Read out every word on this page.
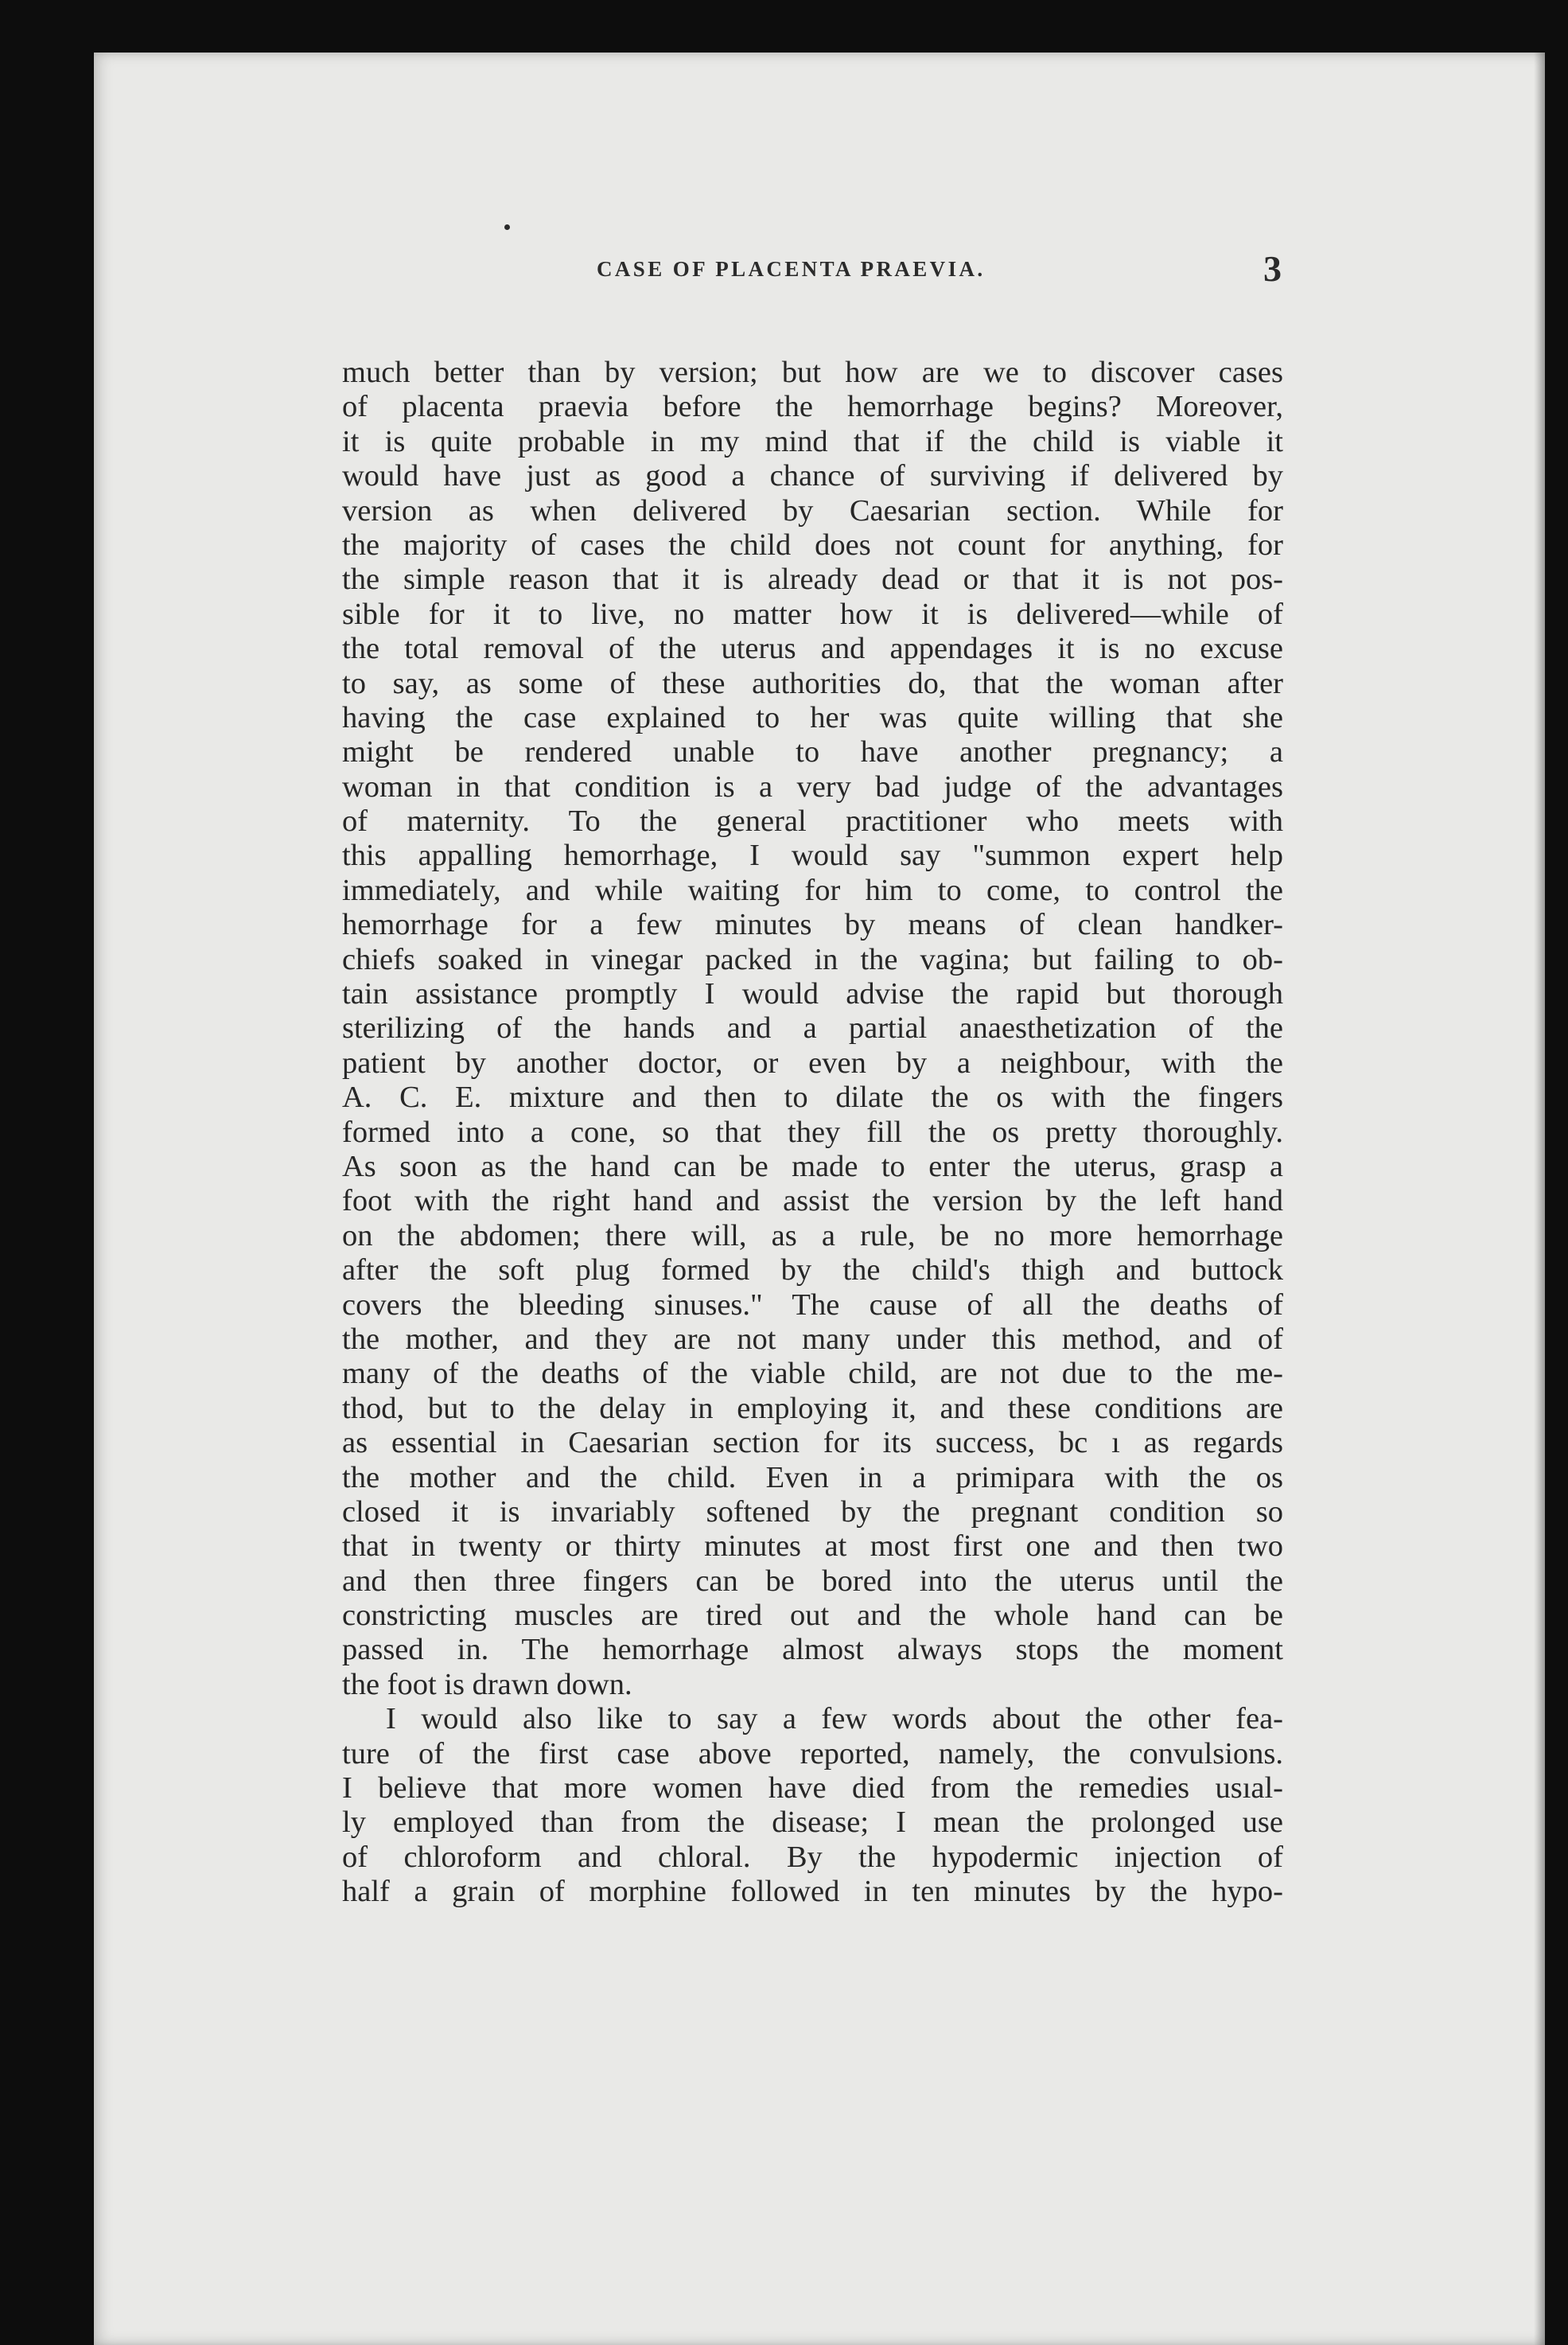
CASE OF PLACENTA PRAEVIA.	3
much better than by version; but how are we to discover cases
of placenta praevia before the hemorrhage begins? Moreover,
it is quite probable in my mind that if the child is viable it
would have just as good a chance of surviving if delivered by
version as when delivered by Caesarian section. While for
the majority of cases the child does not count for anything, for
the simple reason that it is already dead or that it is not pos-
sible for it to live, no matter how it is delivered—while of
the total removal of the uterus and appendages it is no excuse
to say, as some of these authorities do, that the woman after
having the case explained to her was quite willing that she
might be rendered unable to have another pregnancy; a
woman in that condition is a very bad judge of the advantages
of maternity. To the general practitioner who meets with
this appalling hemorrhage, I would say "summon expert help
immediately, and while waiting for him to come, to control the
hemorrhage for a few minutes by means of clean handker-
chiefs soaked in vinegar packed in the vagina; but failing to ob-
tain assistance promptly I would advise the rapid but thorough
sterilizing of the hands and a partial anaesthetization of the
patient by another doctor, or even by a neighbour, with the
A. C. E. mixture and then to dilate the os with the fingers
formed into a cone, so that they fill the os pretty thoroughly.
As soon as the hand can be made to enter the uterus, grasp a
foot with the right hand and assist the version by the left hand
on the abdomen; there will, as a rule, be no more hemorrhage
after the soft plug formed by the child's thigh and buttock
covers the bleeding sinuses." The cause of all the deaths of
the mother, and they are not many under this method, and of
many of the deaths of the viable child, are not due to the me-
thod, but to the delay in employing it, and these conditions are
as essential in Caesarian section for its success, bc ı as regards
the mother and the child. Even in a primipara with the os
closed it is invariably softened by the pregnant condition so
that in twenty or thirty minutes at most first one and then two
and then three fingers can be bored into the uterus until the
constricting muscles are tired out and the whole hand can be
passed in. The hemorrhage almost always stops the moment
the foot is drawn down.
I would also like to say a few words about the other fea-
ture of the first case above reported, namely, the convulsions.
I believe that more women have died from the remedies usıal-
ly employed than from the disease; I mean the prolonged use
of chloroform and chloral. By the hypodermic injection of
half a grain of morphine followed in ten minutes by the hypo-
